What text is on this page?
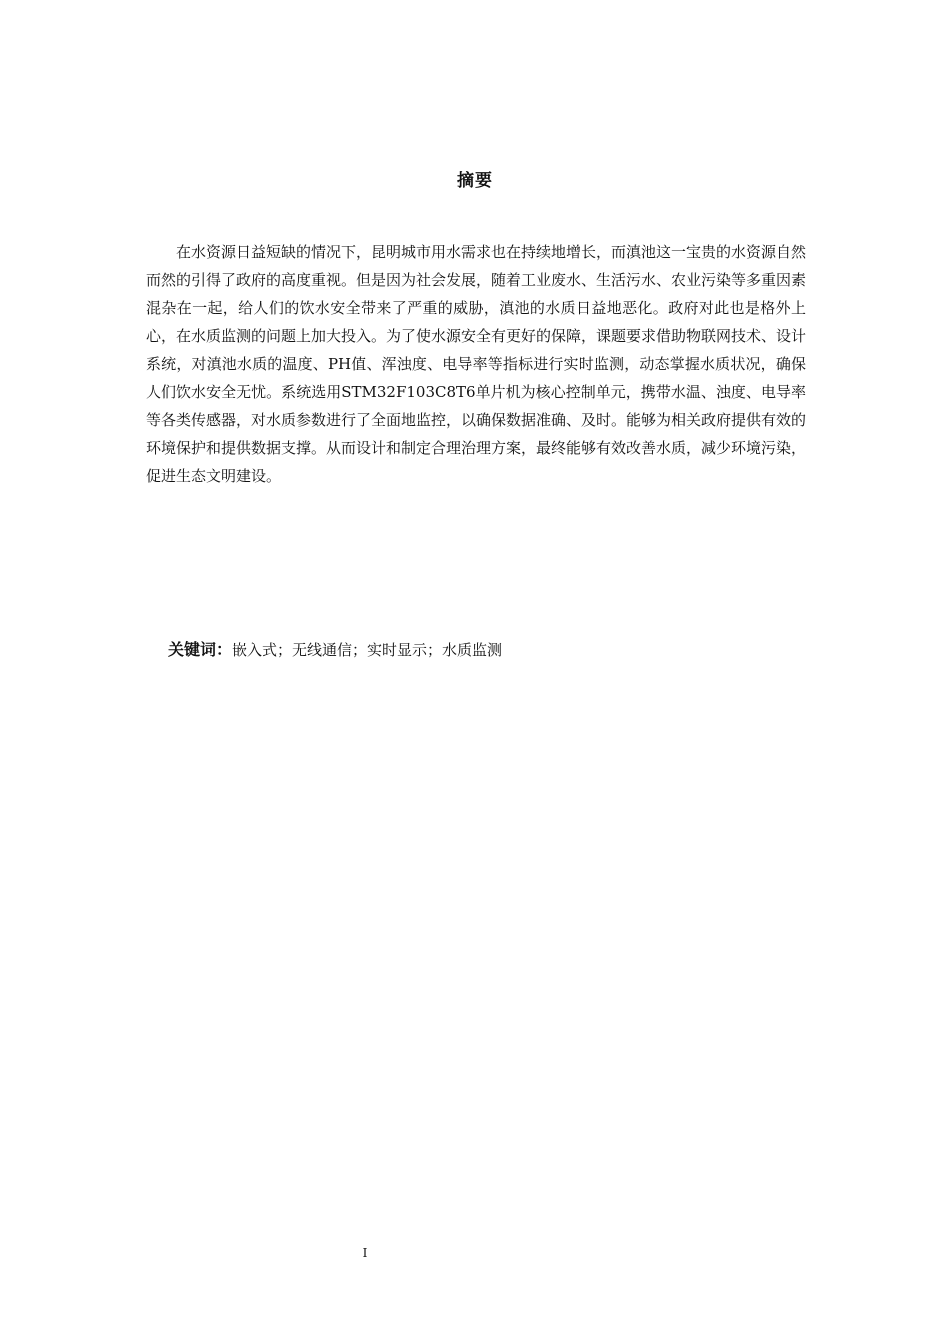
摘要

在水资源日益短缺的情况下，昆明城市用水需求也在持续地增长，而滇池这一宝贵的水资源自然而然的引得了政府的高度重视。但是因为社会发展，随着工业废水、生活污水、农业污染等多重因素混杂在一起，给人们的饮水安全带来了严重的威胁，滇池的水质日益地恶化。政府对此也是格外上心，在水质监测的问题上加大投入。为了使水源安全有更好的保障，课题要求借助物联网技术、设计系统，对滇池水质的温度、PH值、浑浊度、电导率等指标进行实时监测，动态掌握水质状况，确保人们饮水安全无忧。系统选用STM32F103C8T6单片机为核心控制单元，携带水温、浊度、电导率等各类传感器，对水质参数进行了全面地监控，以确保数据准确、及时。能够为相关政府提供有效的环境保护和提供数据支撑。从而设计和制定合理治理方案，最终能够有效改善水质，减少环境污染，促进生态文明建设。

关键词：嵌入式；无线通信；实时显示；水质监测
I
